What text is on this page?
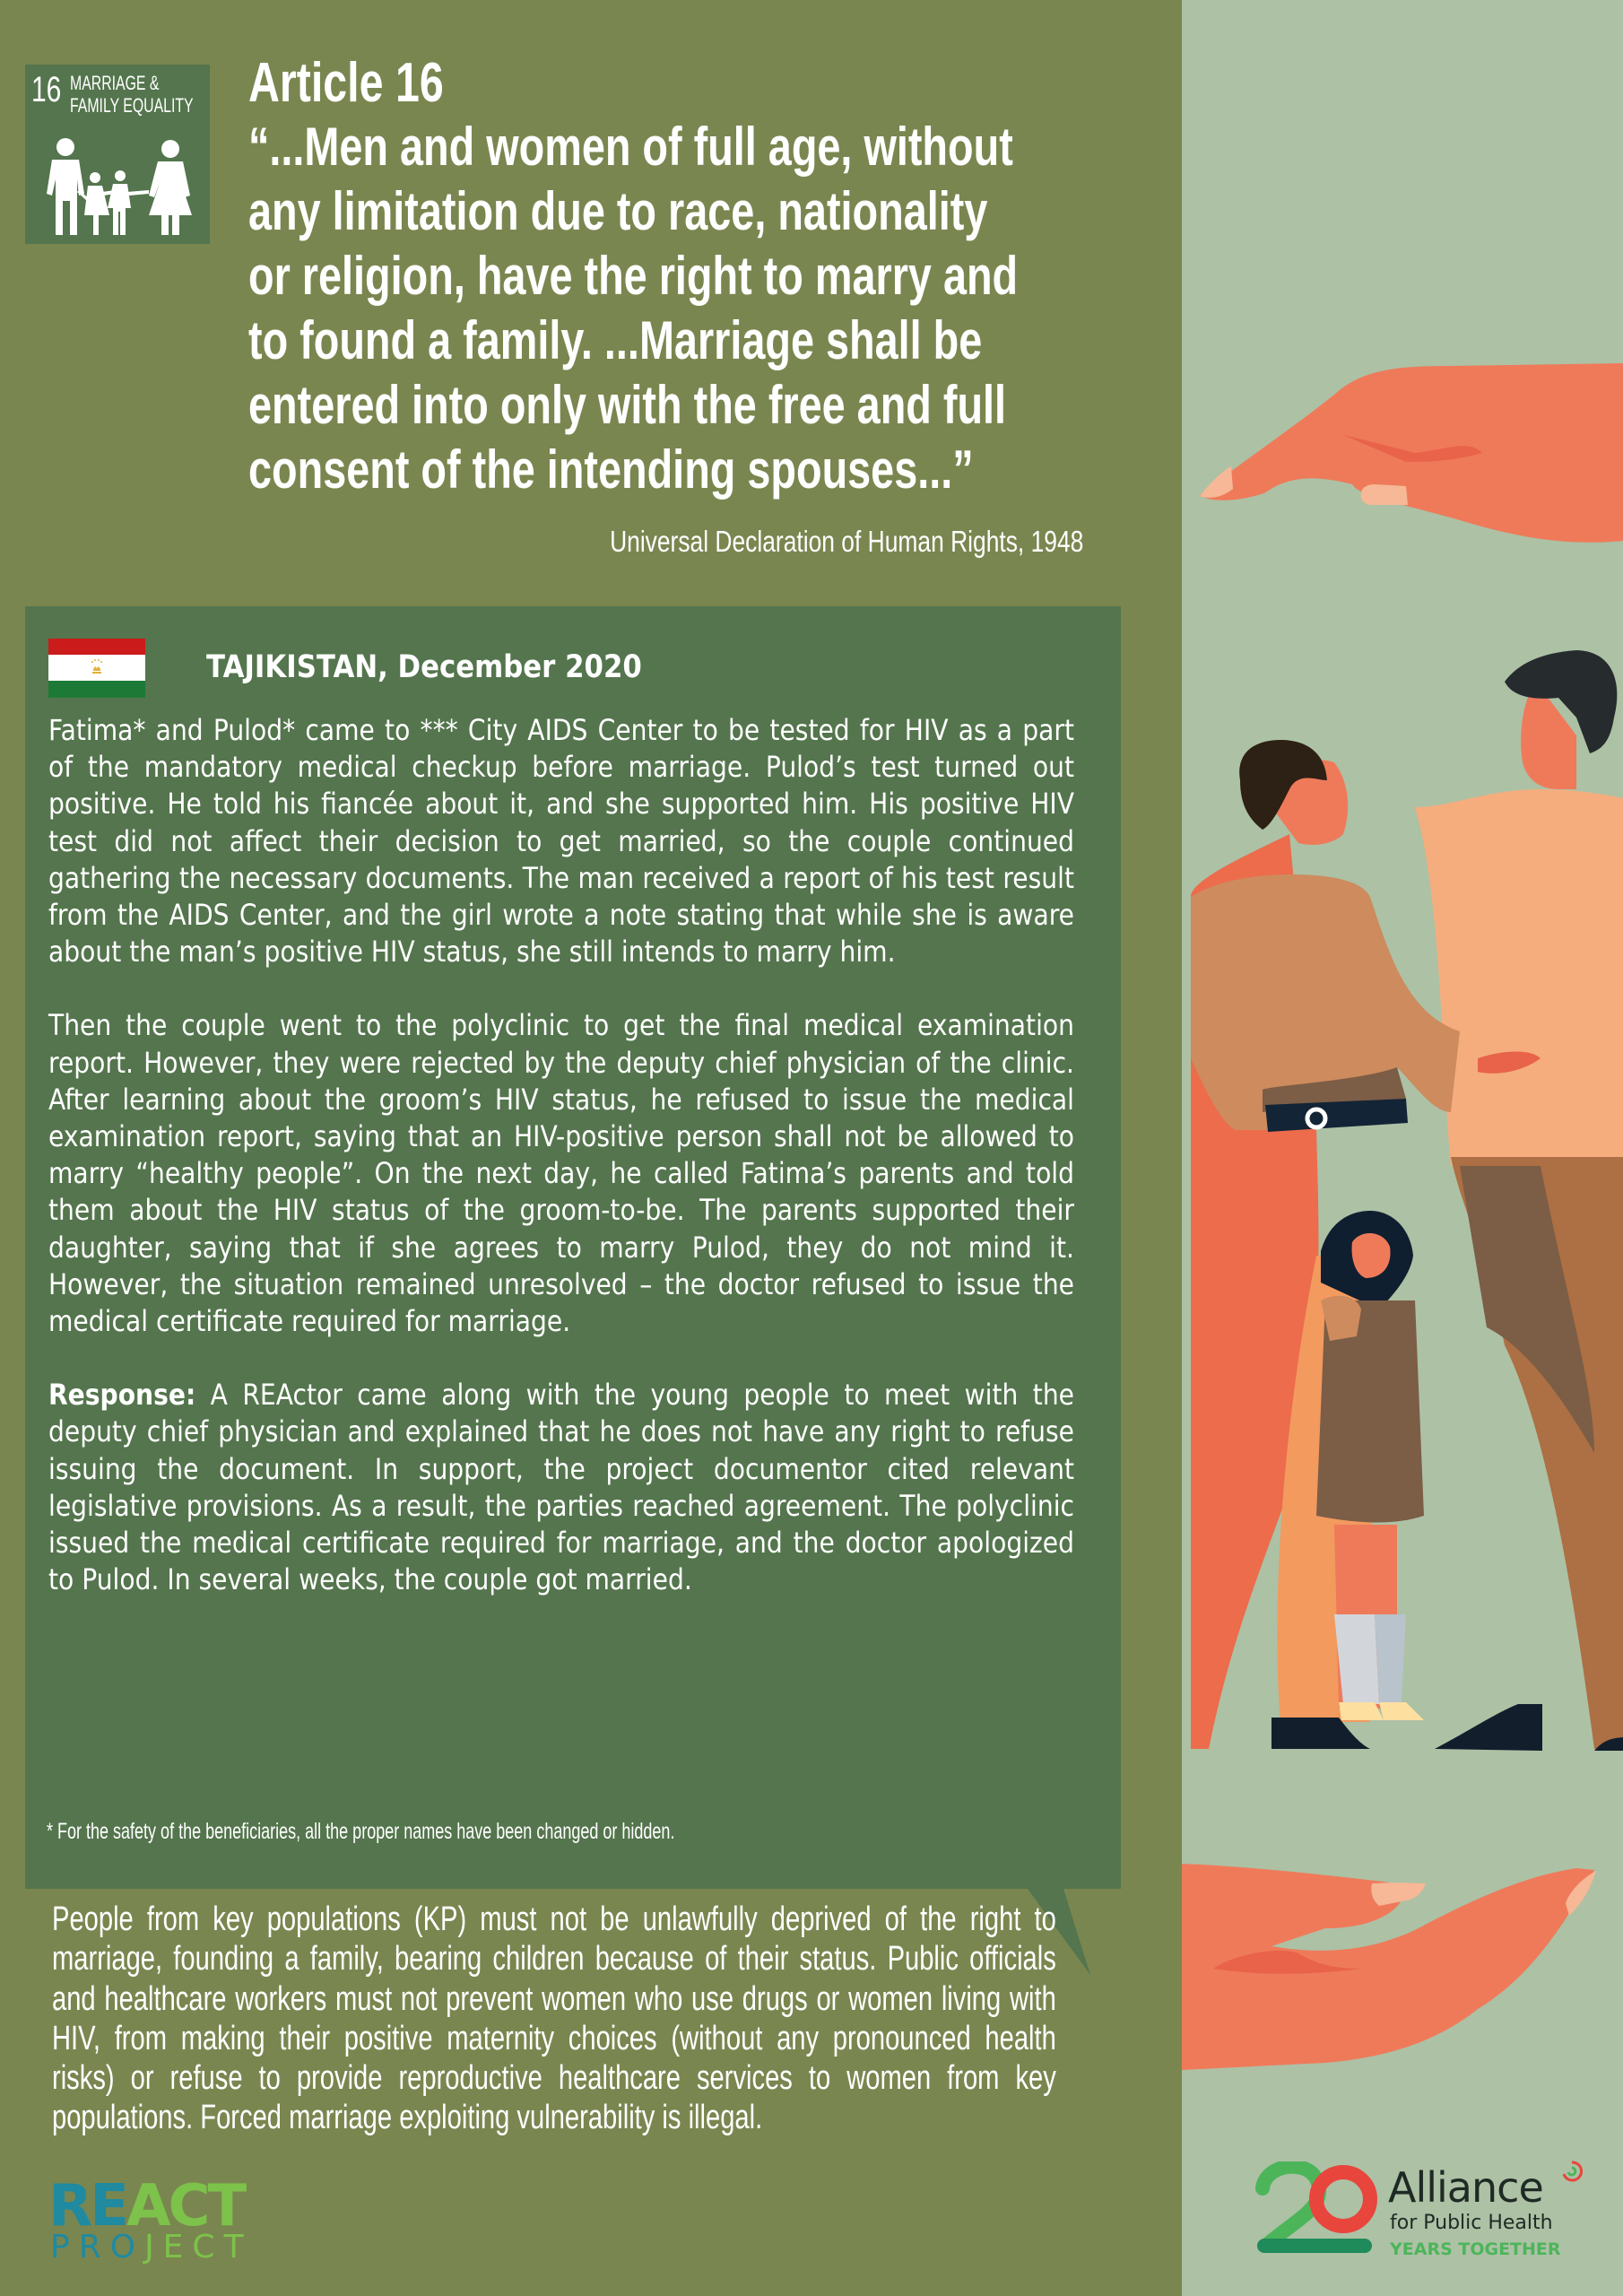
16 MARRIAGE &
FAMILY EQUALITY Article 16
“...Men and women of full age, without
any limitation due to race, nationality
or religion, have the right to marry and
to found a family. ...Marriage shall be
entered into only with the free and full
consent of the intending spouses...”
Universal Declaration of Human Rights, 1948
TAJIKISTAN, December 2020

Fatima* and Pulod* came to *** City AIDS Center to be tested for HIV as a part of the mandatory medical checkup before marriage. Pulod’s test turned out positive. He told his fiancée about it, and she supported him. His positive HIV test did not affect their decision to get married, so the couple continued gathering the necessary documents. The man received a report of his test result from the AIDS Center, and the girl wrote a note stating that while she is aware about the man’s positive HIV status, she still intends to marry him.

Then the couple went to the polyclinic to get the final medical examination report. However, they were rejected by the deputy chief physician of the clinic. After learning about the groom’s HIV status, he refused to issue the medical examination report, saying that an HIV-positive person shall not be allowed to marry “healthy people”. On the next day, he called Fatima’s parents and told them about the HIV status of the groom-to-be. The parents supported their daughter, saying that if she agrees to marry Pulod, they do not mind it. However, the situation remained unresolved – the doctor refused to issue the medical certificate required for marriage.

Response: A REActor came along with the young people to meet with the deputy chief physician and explained that he does not have any right to refuse issuing the document. In support, the project documentor cited relevant legislative provisions. As a result, the parties reached agreement. The polyclinic issued the medical certificate required for marriage, and the doctor apologized to Pulod. In several weeks, the couple got married.

* For the safety of the beneficiaries, all the proper names have been changed or hidden.
People from key populations (KP) must not be unlawfully deprived of the right to marriage, founding a family, bearing children because of their status. Public officials and healthcare workers must not prevent women who use drugs or women living with HIV, from making their positive maternity choices (without any pronounced health risks) or refuse to provide reproductive healthcare services to women from key populations. Forced marriage exploiting vulnerability is illegal.
REACT
PROJECT
Alliance
for Public Health
YEARS TOGETHER
